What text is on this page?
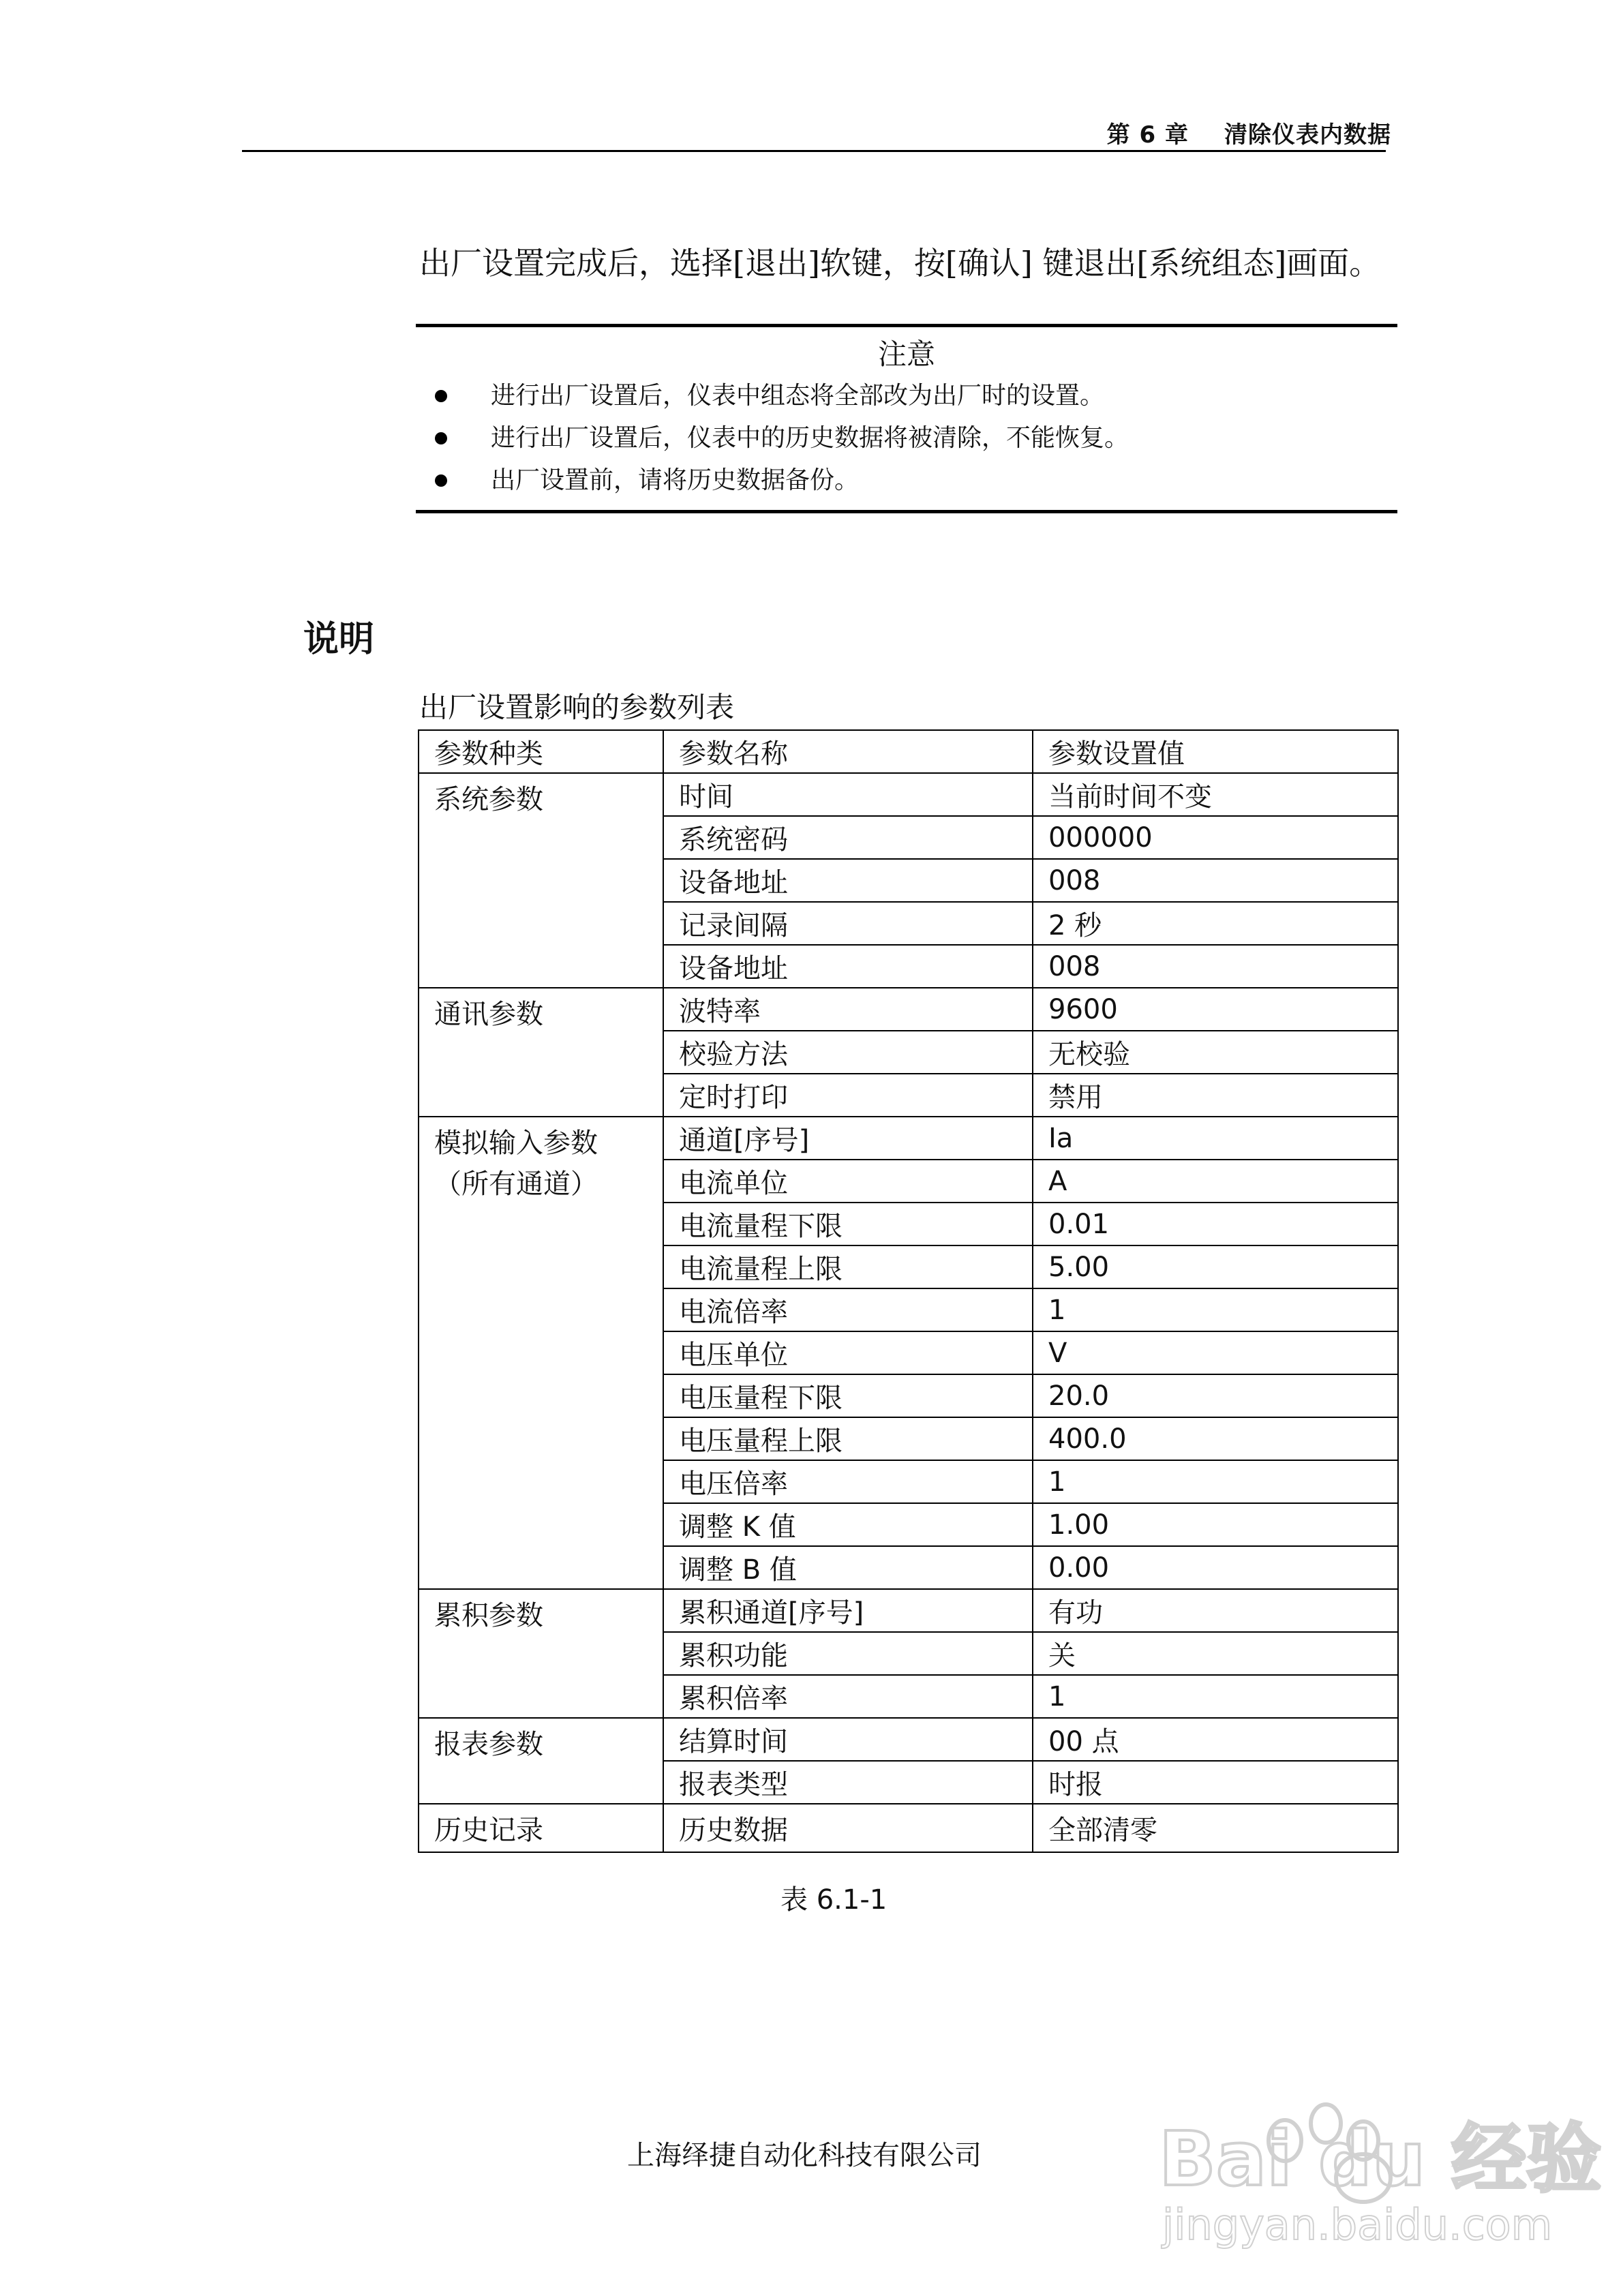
第 6 章 清除仪表内数据
出厂设置完成后，选择[退出]软键，按[确认] 键退出[系统组态]画面。
注意
进行出厂设置后，仪表中组态将全部改为出厂时的设置。
进行出厂设置后，仪表中的历史数据将被清除，不能恢复。
出厂设置前，请将历史数据备份。
说明
出厂设置影响的参数列表
参数种类	参数名称	参数设置值

系统参数	时间	当前时间不变
	系统密码	000000
	设备地址	008
	记录间隔	2 秒
	设备地址	008

通讯参数	波特率	9600
	校验方法	无校验
	定时打印	禁用

模拟输入参数
（所有通道）	通道[序号]	Ia
	电流单位	A
	电流量程下限	0.01
	电流量程上限	5.00
	电流倍率	1
	电压单位	V
	电压量程下限	20.0
	电压量程上限	400.0
	电压倍率	1
	调整 K 值	1.00
	调整 B 值	0.00

累积参数	累积通道[序号]	有功
	累积功能	关
	累积倍率	1

报表参数	结算时间	00 点
	报表类型	时报

历史记录	历史数据	全部清零
表 6.1-1
上海绎捷自动化科技有限公司 Bai du 经验
jingyan.baidu.com
